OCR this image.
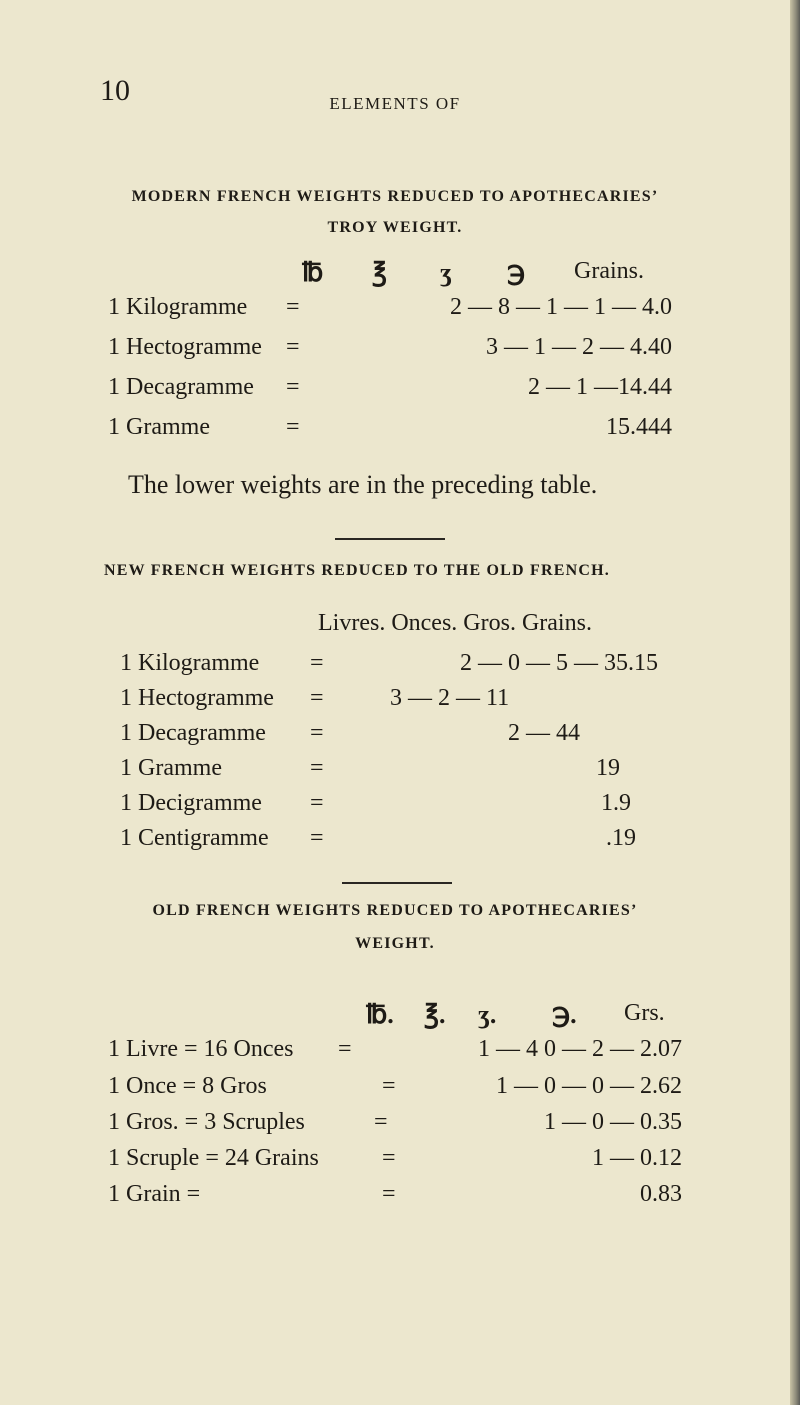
10	ELEMENTS OF
MODERN FRENCH WEIGHTS REDUCED TO APOTHECARIES’
TROY WEIGHT.
℔ ℥ ʒ ℈ Grains.
1 Kilogramme =	2 — 8 — 1 — 1 — 4.0
1 Hectogramme =	3 — 1 — 2 — 4.40
1 Decagramme =	2 — 1 —14.44
1 Gramme	=	15.444
The lower weights are in the preceding table.
NEW FRENCH WEIGHTS REDUCED TO THE OLD FRENCH.
Livres. Onces. Gros. Grains.
1 Kilogramme =	2 — 0 — 5 — 35.15
1 Hectogramme =	3 — 2 — 11
1 Decagramme =	2 — 44
1 Gramme	=	19
1 Decigramme =	1.9
1 Centigramme =	.19
OLD FRENCH WEIGHTS REDUCED TO APOTHECARIES’
WEIGHT.
℔. ℥. ʒ. ℈. Grs.
1 Livre = 16 Onces =	1 — 4 0 — 2 — 2.07
1 Once = 8 Gros	=	1 — 0 — 0 — 2.62
1 Gros. = 3 Scruples	=	1 — 0 — 0.35
1 Scruple = 24 Grains	=	1 — 0.12
1 Grain =	=	0.83
